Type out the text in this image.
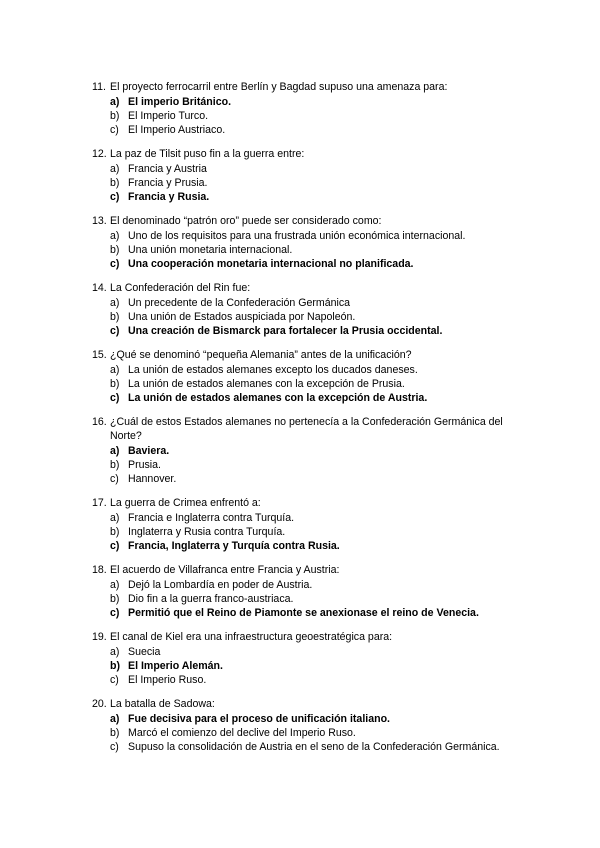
11. El proyecto ferrocarril entre Berlín y Bagdad supuso una amenaza para:
a) El imperio Británico.
b) El Imperio Turco.
c) El Imperio Austriaco.
12. La paz de Tilsit puso fin a la guerra entre:
a) Francia y Austria
b) Francia y Prusia.
c) Francia y Rusia.
13. El denominado “patrón oro” puede ser considerado como:
a) Uno de los requisitos para una frustrada unión económica internacional.
b) Una unión monetaria internacional.
c) Una cooperación monetaria internacional no planificada.
14. La Confederación del Rin fue:
a) Un precedente de la Confederación Germánica
b) Una unión de Estados auspiciada por Napoleón.
c) Una creación de Bismarck para fortalecer la Prusia occidental.
15. ¿Qué se denominó “pequeña Alemania” antes de la unificación?
a) La unión de estados alemanes excepto los ducados daneses.
b) La unión de estados alemanes con la excepción de Prusia.
c) La unión de estados alemanes con la excepción de Austria.
16. ¿Cuál de estos Estados alemanes no pertenecía a la Confederación Germánica del Norte?
a) Baviera.
b) Prusia.
c) Hannover.
17. La guerra de Crimea enfrentó a:
a) Francia e Inglaterra contra Turquía.
b) Inglaterra y Rusia contra Turquía.
c) Francia, Inglaterra y Turquía contra Rusia.
18. El acuerdo de Villafranca entre Francia y Austria:
a) Dejó la Lombardía en poder de Austria.
b) Dio fin a la guerra franco-austriaca.
c) Permitió que el Reino de Piamonte se anexionase el reino de Venecia.
19. El canal de Kiel era una infraestructura geoestratégica para:
a) Suecia
b) El Imperio Alemán.
c) El Imperio Ruso.
20. La batalla de Sadowa:
a) Fue decisiva para el proceso de unificación italiano.
b) Marcó el comienzo del declive del Imperio Ruso.
c) Supuso la consolidación de Austria en el seno de la Confederación Germánica.
